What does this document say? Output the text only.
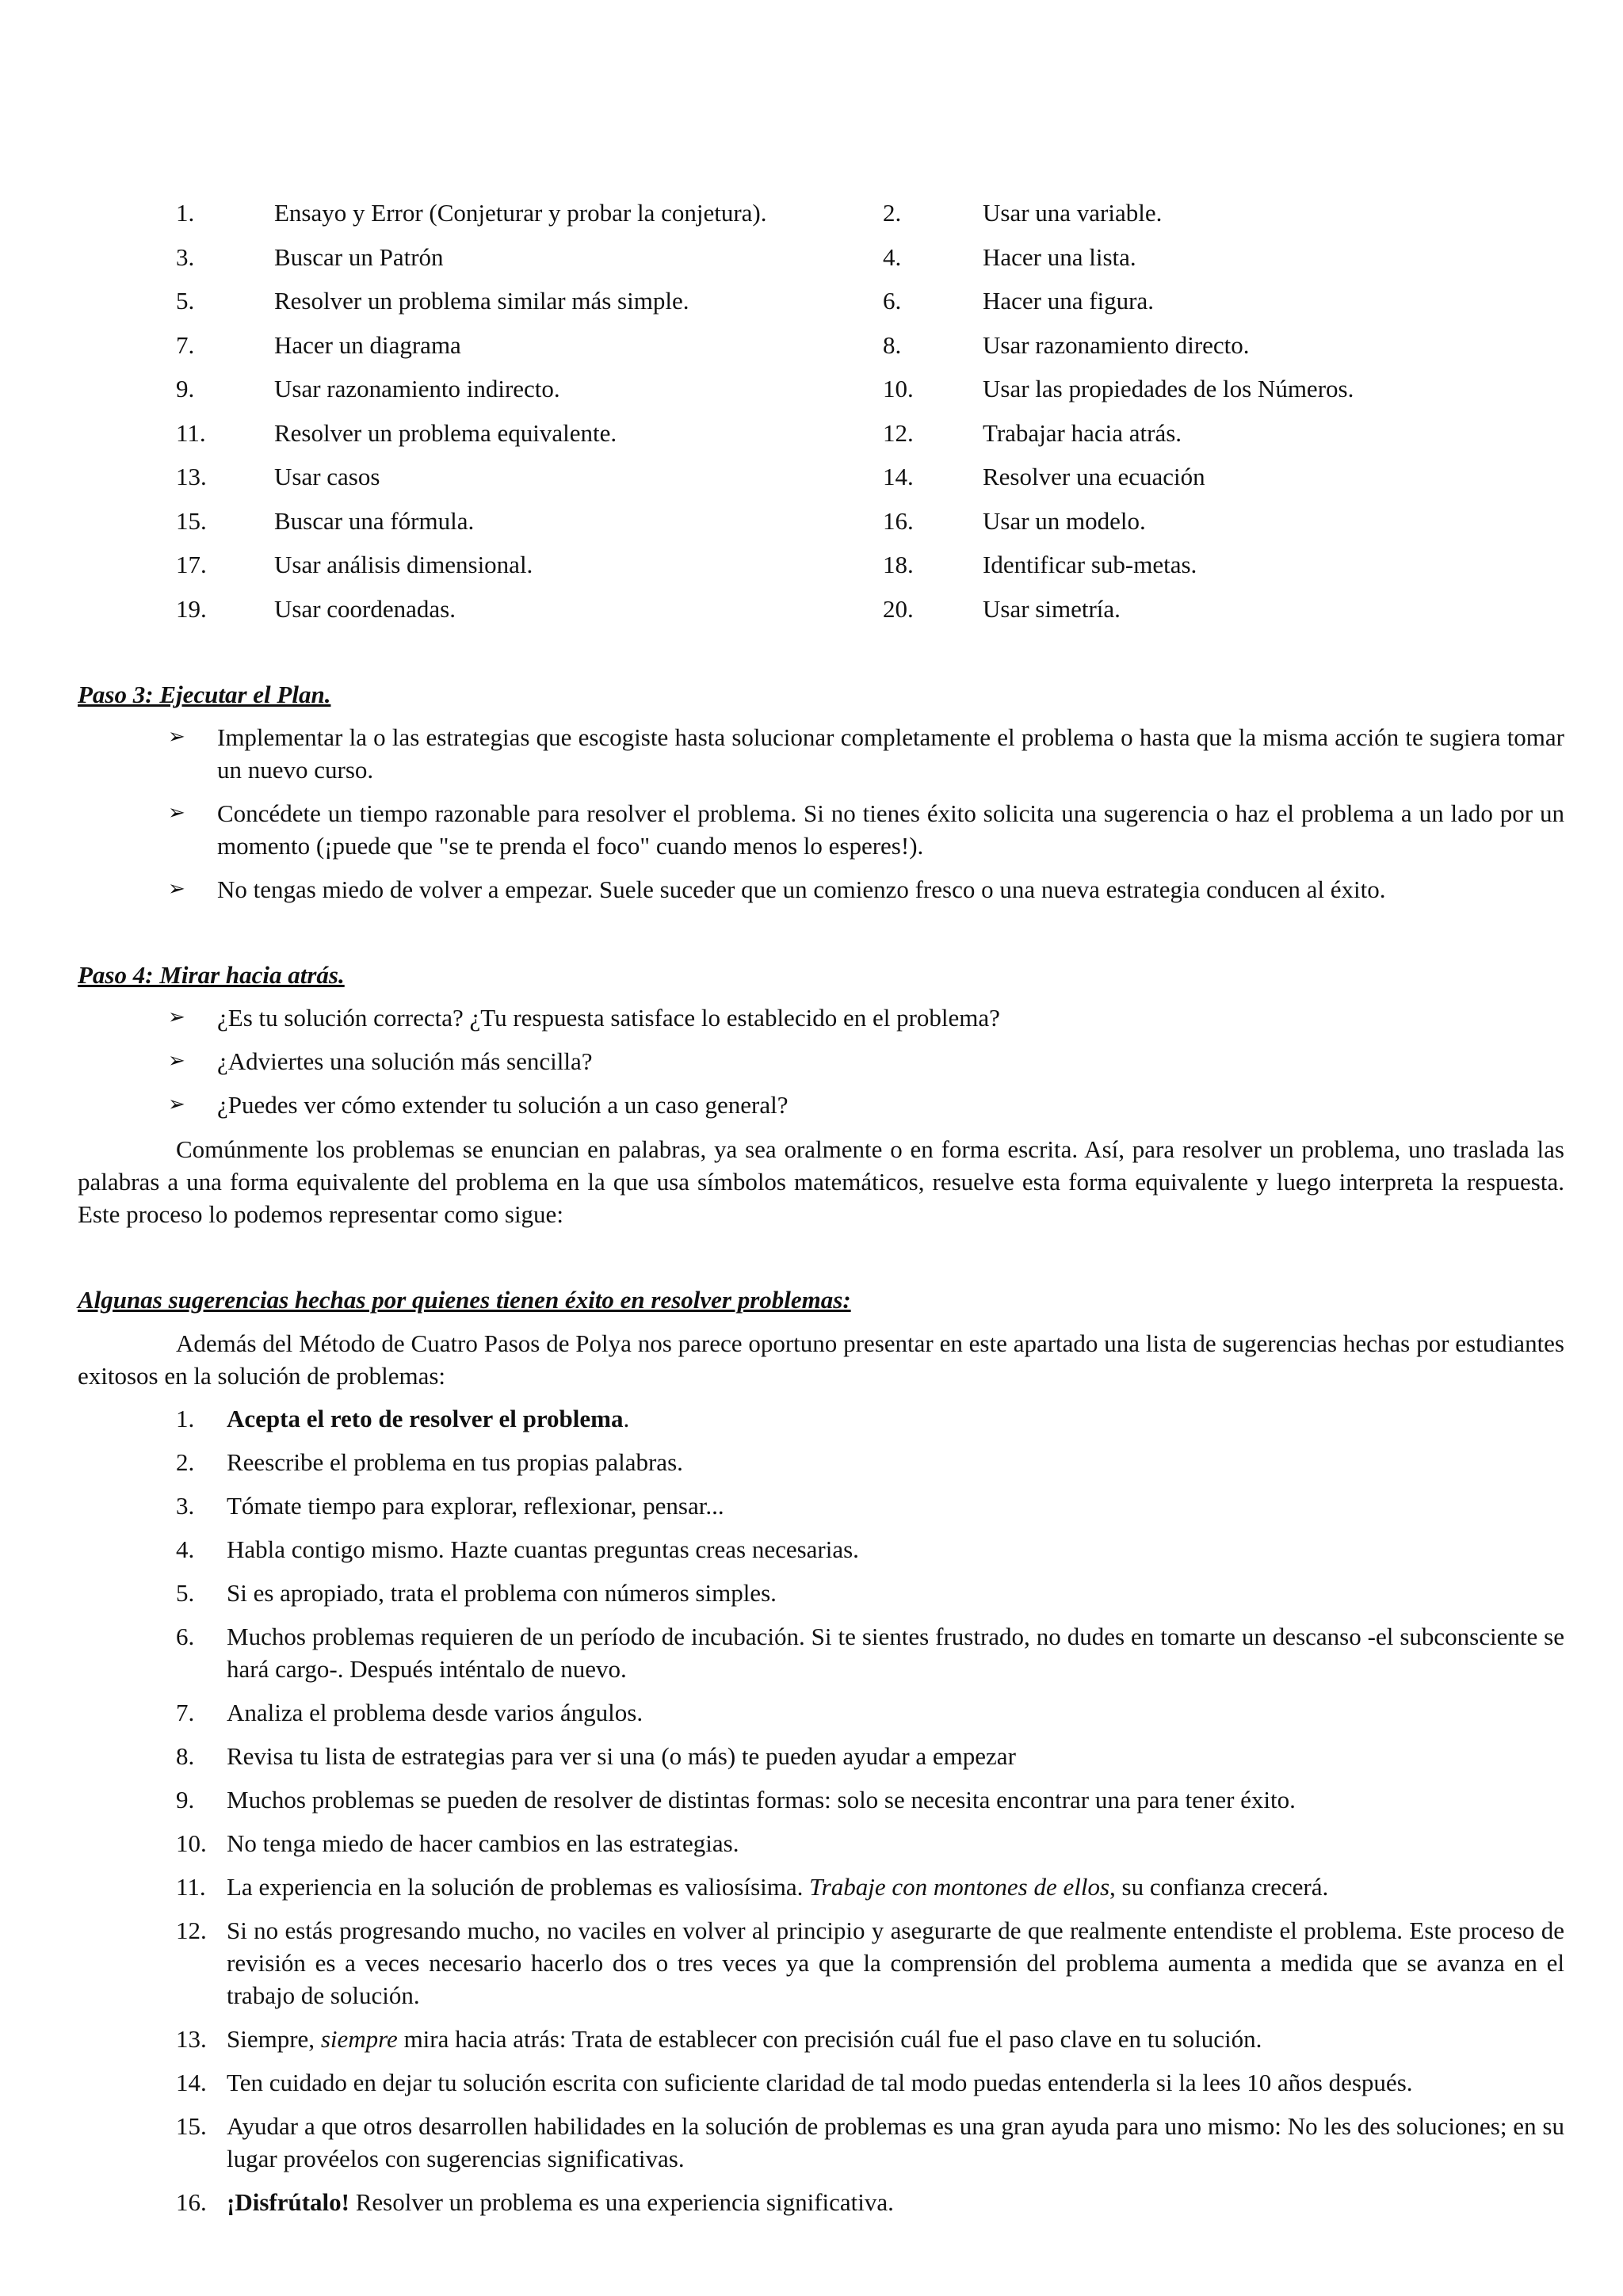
1.	Ensayo y Error (Conjeturar y probar la conjetura).	2.	Usar una variable.
3.	Buscar un Patrón	4.	Hacer una lista.
5.	Resolver un problema similar más simple.	6.	Hacer una figura.
7.	Hacer un diagrama	8.	Usar razonamiento directo.
9.	Usar razonamiento indirecto.	10.	Usar las propiedades de los Números.
11.	Resolver un problema equivalente.	12.	Trabajar hacia atrás.
13.	Usar casos	14.	Resolver una ecuación
15.	Buscar una fórmula.	16.	Usar un modelo.
17.	Usar análisis dimensional.	18.	Identificar sub-metas.
19.	Usar coordenadas.	20.	Usar simetría.
Paso 3: Ejecutar el Plan.
➢ Implementar la o las estrategias que escogiste hasta solucionar completamente el problema o hasta que la misma acción te sugiera tomar un nuevo curso.
➢ Concédete un tiempo razonable para resolver el problema. Si no tienes éxito solicita una sugerencia o haz el problema a un lado por un momento (¡puede que "se te prenda el foco" cuando menos lo esperes!).
➢ No tengas miedo de volver a empezar. Suele suceder que un comienzo fresco o una nueva estrategia conducen al éxito.
Paso 4: Mirar hacia atrás.
➢ ¿Es tu solución correcta? ¿Tu respuesta satisface lo establecido en el problema?
➢ ¿Adviertes una solución más sencilla?
➢ ¿Puedes ver cómo extender tu solución a un caso general?
Comúnmente los problemas se enuncian en palabras, ya sea oralmente o en forma escrita. Así, para resolver un problema, uno traslada las palabras a una forma equivalente del problema en la que usa símbolos matemáticos, resuelve esta forma equivalente y luego interpreta la respuesta. Este proceso lo podemos representar como sigue:
Algunas sugerencias hechas por quienes tienen éxito en resolver problemas:
Además del Método de Cuatro Pasos de Polya nos parece oportuno presentar en este apartado una lista de sugerencias hechas por estudiantes exitosos en la solución de problemas:
1. Acepta el reto de resolver el problema.
2. Reescribe el problema en tus propias palabras.
3. Tómate tiempo para explorar, reflexionar, pensar...
4. Habla contigo mismo. Hazte cuantas preguntas creas necesarias.
5. Si es apropiado, trata el problema con números simples.
6. Muchos problemas requieren de un período de incubación. Si te sientes frustrado, no dudes en tomarte un descanso -el subconsciente se hará cargo-. Después inténtalo de nuevo.
7. Analiza el problema desde varios ángulos.
8. Revisa tu lista de estrategias para ver si una (o más) te pueden ayudar a empezar
9. Muchos problemas se pueden de resolver de distintas formas: solo se necesita encontrar una para tener éxito.
10. No tenga miedo de hacer cambios en las estrategias.
11. La experiencia en la solución de problemas es valiosísima. Trabaje con montones de ellos, su confianza crecerá.
12. Si no estás progresando mucho, no vaciles en volver al principio y asegurarte de que realmente entendiste el problema. Este proceso de revisión es a veces necesario hacerlo dos o tres veces ya que la comprensión del problema aumenta a medida que se avanza en el trabajo de solución.
13. Siempre, siempre mira hacia atrás: Trata de establecer con precisión cuál fue el paso clave en tu solución.
14. Ten cuidado en dejar tu solución escrita con suficiente claridad de tal modo puedas entenderla si la lees 10 años después.
15. Ayudar a que otros desarrollen habilidades en la solución de problemas es una gran ayuda para uno mismo: No les des soluciones; en su lugar provéelos con sugerencias significativas.
16. ¡Disfrútalo! Resolver un problema es una experiencia significativa.
